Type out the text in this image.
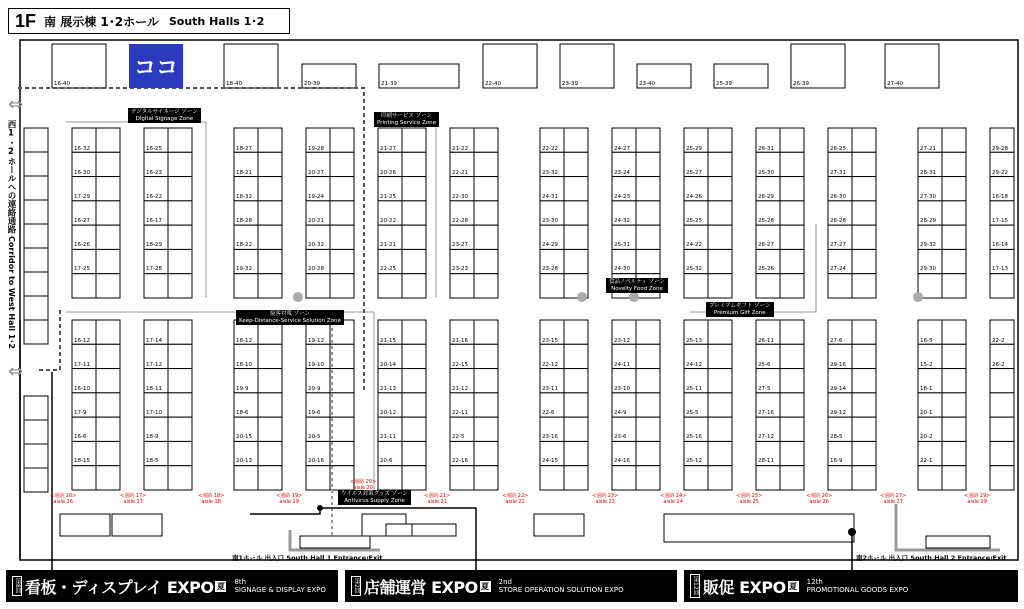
16-40	18-40	20-39	21-39	22-40	23-39	23-40	25-39	26-39	27-40
16-32
16-30
17-29
16-27
16-26
17-25
16-25
16-23
16-22
16-17
18-29
17-28
18-27
18-21
18-32
18-28
18-22
19-32
19-28
20-27
19-24
20-21
20-32
20-28
21-27
20-26
21-25
20-22
21-21
22-25
21-22
22-21
22-30
22-28
23-27
23-23
22-22
23-32
24-31
23-30
24-29
23-28
24-27
23-24
24-23
24-32
25-31
24-30
25-29
25-27
24-26
25-25
24-22
25-32
26-31
25-30
26-29
25-28
26-27
25-26
26-25
27-31
26-30
26-28
27-27
27-24
27-21
28-31
27-30
28-29
29-32
29-30
29-28
29-22
16-18
17-15
16-14
17-13
16-12
17-11
16-10
17-9
16-6
18-15
17-14
17-12
18-11
17-10
18-9
18-5
18-12
18-10
19-9
18-6
20-15
20-13
19-12
19-10
20-9
19-6
20-5
20-16
21-15
20-14
21-13
20-12
21-11
20-6
21-16
22-15
21-12
22-11
22-5
22-16
23-15
22-12
23-11
22-6
23-16
24-15
23-12
24-11
23-10
24-9
23-6
24-16
25-13
24-12
25-11
25-5
25-16
25-12
26-11
25-6
27-5
27-16
27-12
28-11
27-6
29-16
29-14
29-12
28-5
16-9
16-5
15-2
18-1
20-1
20-2
22-1
22-2
26-2
⇔
⇔
1F 南 展示棟 1･2ホール South Halls 1･2
ココ
西1･2ホールへの連絡通路
Corridor to West Hall 1･2
デジタルサイネージ ゾーン
Digital Signage Zone	印刷サービス ゾーン
Printing Service Zone
接客対策 ゾーン
Keep-Distance-Service Solution Zone
食品ノベルティ ゾーン
Novelty Food Zone
プレミアムギフト ゾーン
Premium Gift Zone
ウイルス対策グッズ ゾーン
Antivirus Supply Zone
<通路 16>
aisle 16
<通路 17>
aisle 17
<通路 18>
aisle 18
<通路 19>
aisle 19
<通路 20>
aisle 20
<通路 21>
aisle 21
<通路 22>
aisle 22
<通路 23>
aisle 23
<通路 24>
aisle 24
<通路 25>
aisle 25
<通路 26>
aisle 26
<通路 27>
aisle 27
<通路 29>
aisle 29
南1ホール 出入口 South Hall 1 Entrance/Exit	南2ホール 出入口 South Hall 2 Entrance/Exit
第8回 看板・ディスプレイ EXPO 夏 8th
SIGNAGE & DISPLAY EXPO	第2回 店舗運営 EXPO 夏 2nd
STORE OPERATION SOLUTION EXPO	第12回 販促 EXPO 夏 12th
PROMOTIONAL GOODS EXPO
